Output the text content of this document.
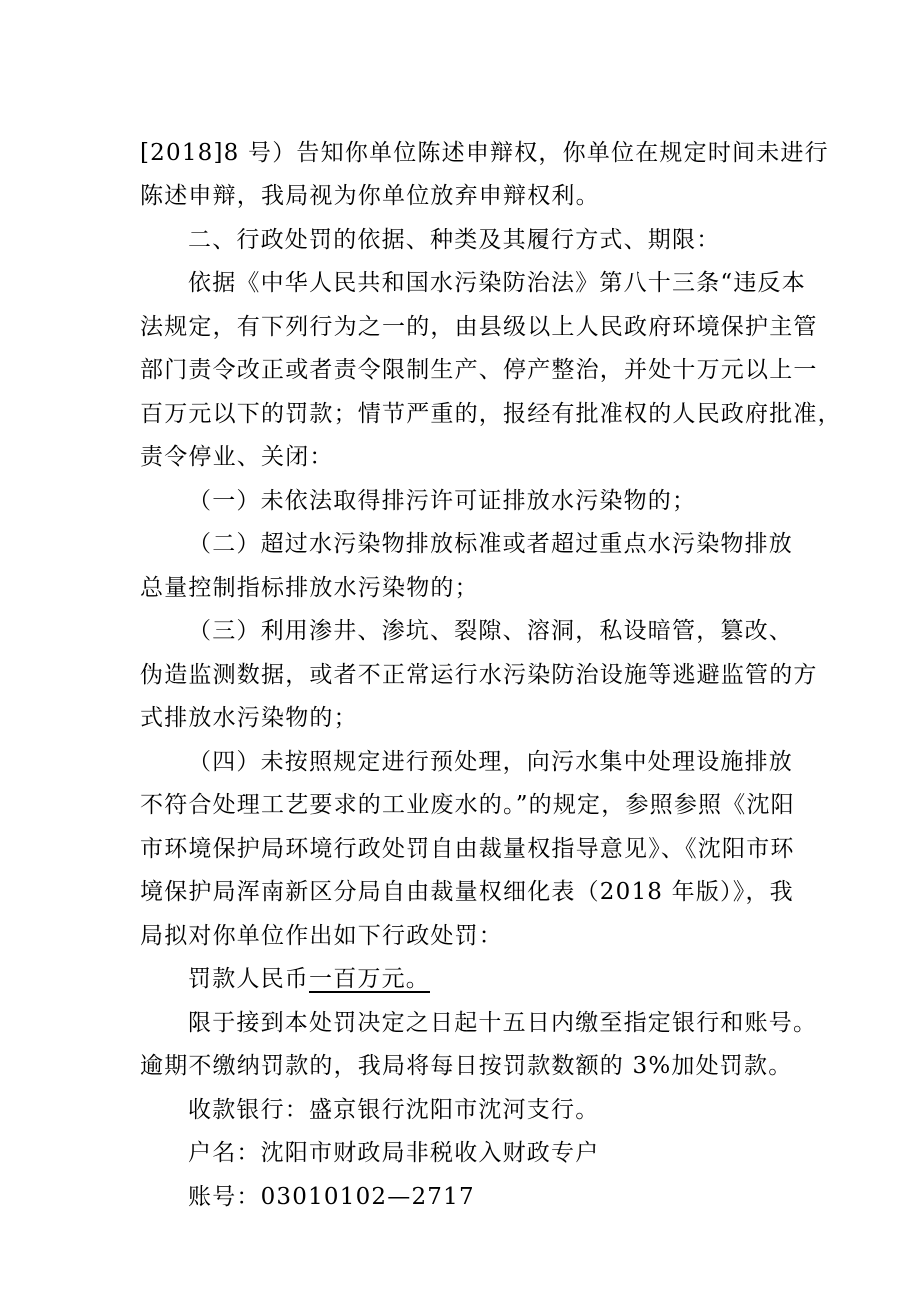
[2018]8 号）告知你单位陈述申辩权，你单位在规定时间未进行
陈述申辩，我局视为你单位放弃申辩权利。
二、行政处罚的依据、种类及其履行方式、期限：
依据《中华人民共和国水污染防治法》第八十三条“违反本
法规定，有下列行为之一的，由县级以上人民政府环境保护主管
部门责令改正或者责令限制生产、停产整治，并处十万元以上一
百万元以下的罚款；情节严重的，报经有批准权的人民政府批准，
责令停业、关闭：
（一）未依法取得排污许可证排放水污染物的；
（二）超过水污染物排放标准或者超过重点水污染物排放
总量控制指标排放水污染物的；
（三）利用渗井、渗坑、裂隙、溶洞，私设暗管，篡改、
伪造监测数据，或者不正常运行水污染防治设施等逃避监管的方
式排放水污染物的；
（四）未按照规定进行预处理，向污水集中处理设施排放
不符合处理工艺要求的工业废水的。”的规定，参照参照《沈阳
市环境保护局环境行政处罚自由裁量权指导意见》、《沈阳市环
境保护局浑南新区分局自由裁量权细化表（2018 年版）》，我
局拟对你单位作出如下行政处罚：
罚款人民币一百万元。
限于接到本处罚决定之日起十五日内缴至指定银行和账号。
逾期不缴纳罚款的，我局将每日按罚款数额的 3%加处罚款。
收款银行：盛京银行沈阳市沈河支行。
户名：沈阳市财政局非税收入财政专户
账号：03010102—2717
